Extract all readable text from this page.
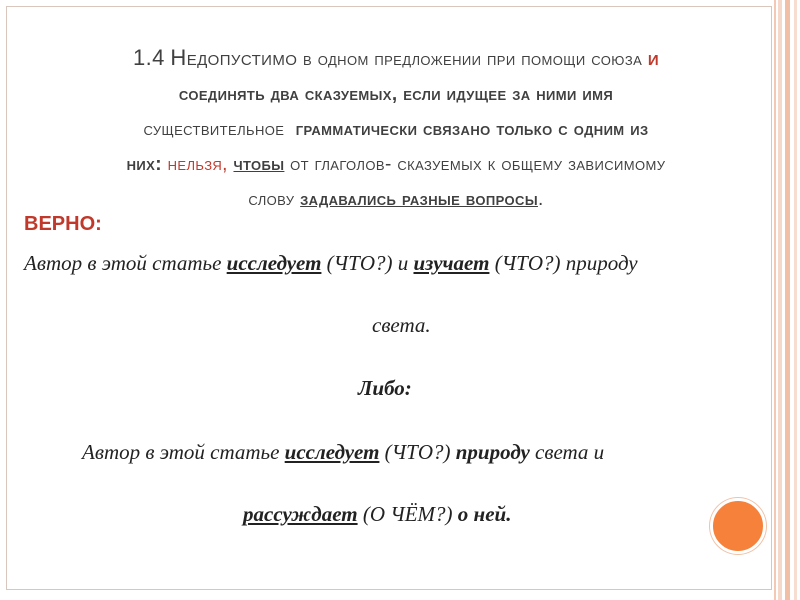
1.4 Недопустимо в одном предложении при помощи союза и
соединять два сказуемых, если идущее за ними имя
существительное грамматически связано только с одним из
них: нельзя, чтобы от глаголов- сказуемых к общему зависимому
слову задавались разные вопросы.
ВЕРНО:
Автор в этой статье исследует (ЧТО?) и изучает (ЧТО?) природу
света.
Либо:
Автор в этой статье исследует (ЧТО?) природу света и
рассуждает (О ЧЁМ?) о ней.
